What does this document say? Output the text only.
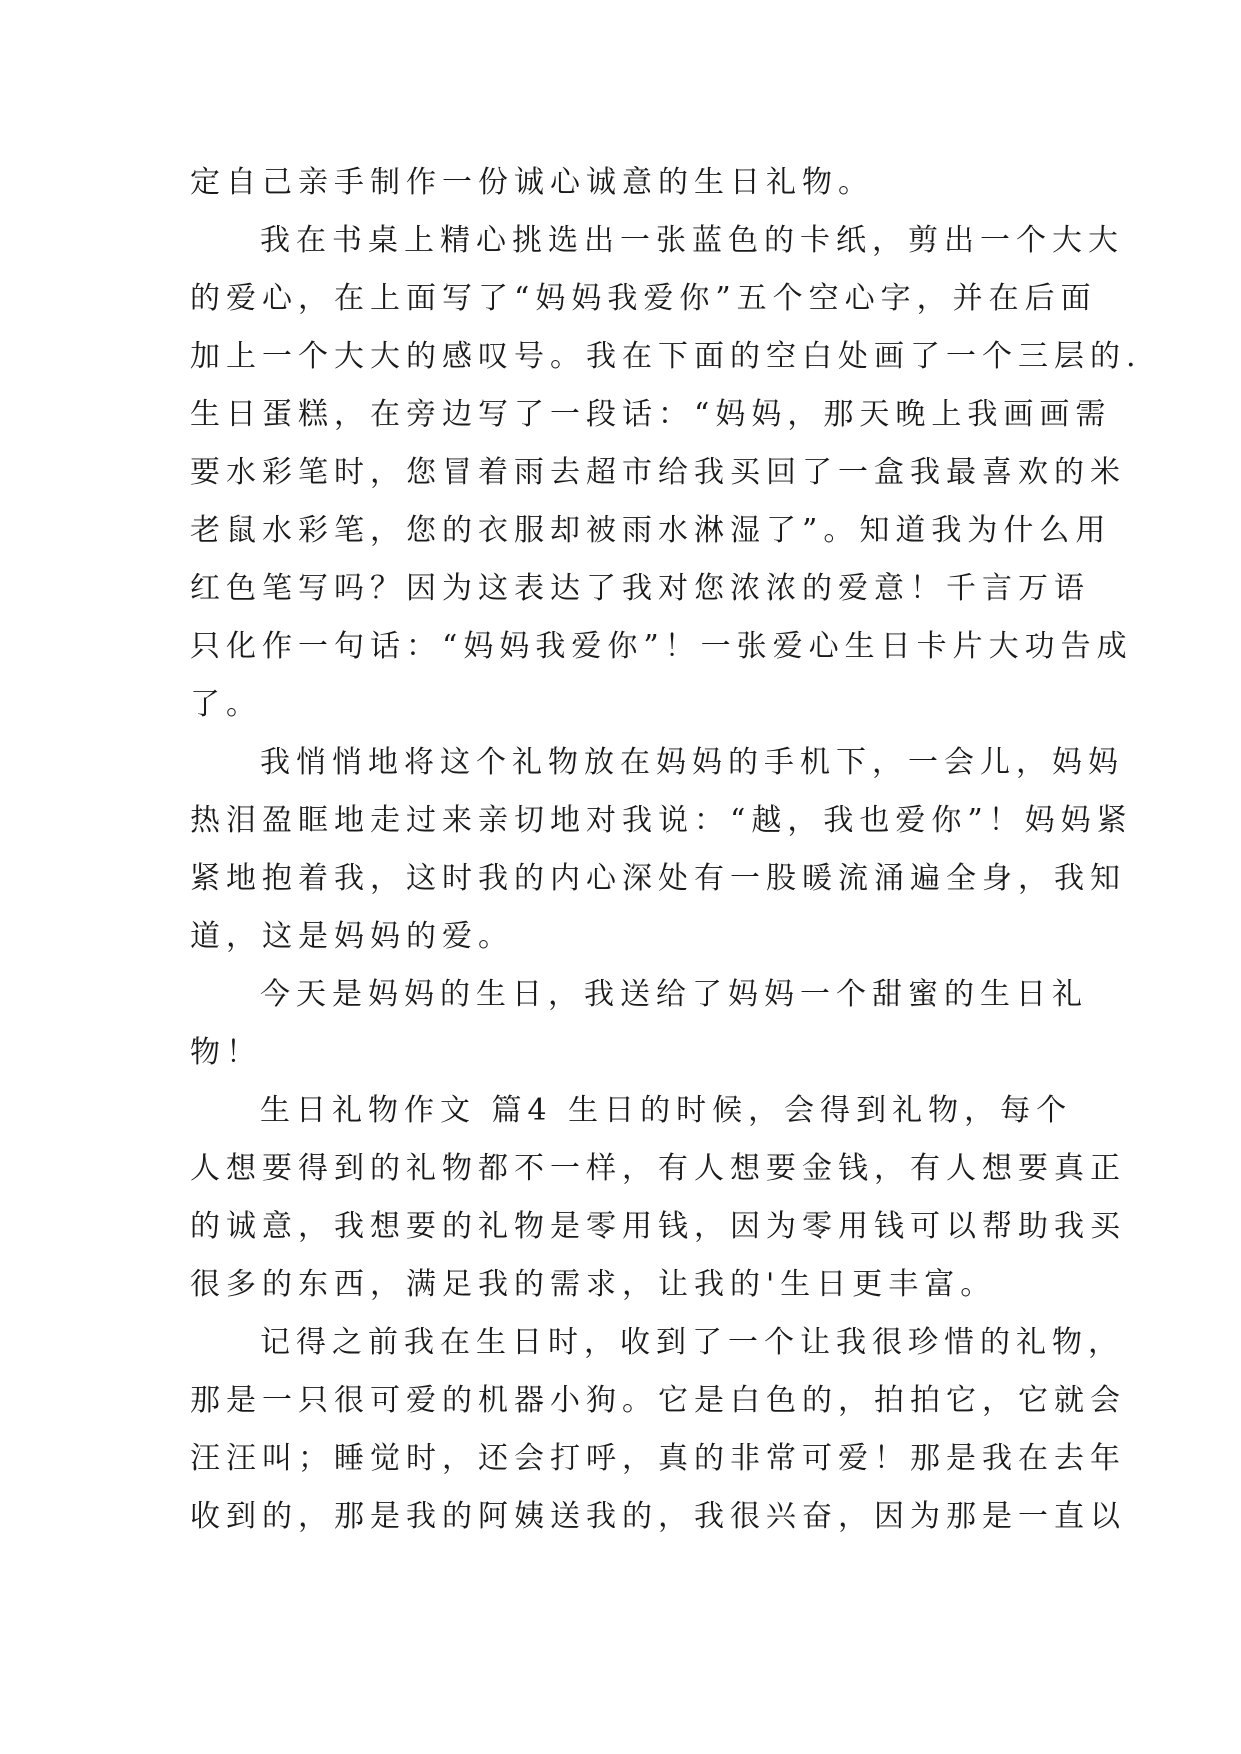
定自己亲手制作一份诚心诚意的生日礼物。
我在书桌上精心挑选出一张蓝色的卡纸，剪出一个大大
的爱心，在上面写了“妈妈我爱你”五个空心字，并在后面
加上一个大大的感叹号。我在下面的空白处画了一个三层的.
生日蛋糕，在旁边写了一段话：“妈妈，那天晚上我画画需
要水彩笔时，您冒着雨去超市给我买回了一盒我最喜欢的米
老鼠水彩笔，您的衣服却被雨水淋湿了”。知道我为什么用
红色笔写吗？因为这表达了我对您浓浓的爱意！千言万语
只化作一句话：“妈妈我爱你”！一张爱心生日卡片大功告成
了。
我悄悄地将这个礼物放在妈妈的手机下，一会儿，妈妈
热泪盈眶地走过来亲切地对我说：“越，我也爱你”！妈妈紧
紧地抱着我，这时我的内心深处有一股暖流涌遍全身，我知
道，这是妈妈的爱。
今天是妈妈的生日，我送给了妈妈一个甜蜜的生日礼
物！
生日礼物作文 篇4 生日的时候，会得到礼物，每个
人想要得到的礼物都不一样，有人想要金钱，有人想要真正
的诚意，我想要的礼物是零用钱，因为零用钱可以帮助我买
很多的东西，满足我的需求，让我的'生日更丰富。
记得之前我在生日时，收到了一个让我很珍惜的礼物，
那是一只很可爱的机器小狗。它是白色的，拍拍它，它就会
汪汪叫；睡觉时，还会打呼，真的非常可爱！那是我在去年
收到的，那是我的阿姨送我的，我很兴奋，因为那是一直以
